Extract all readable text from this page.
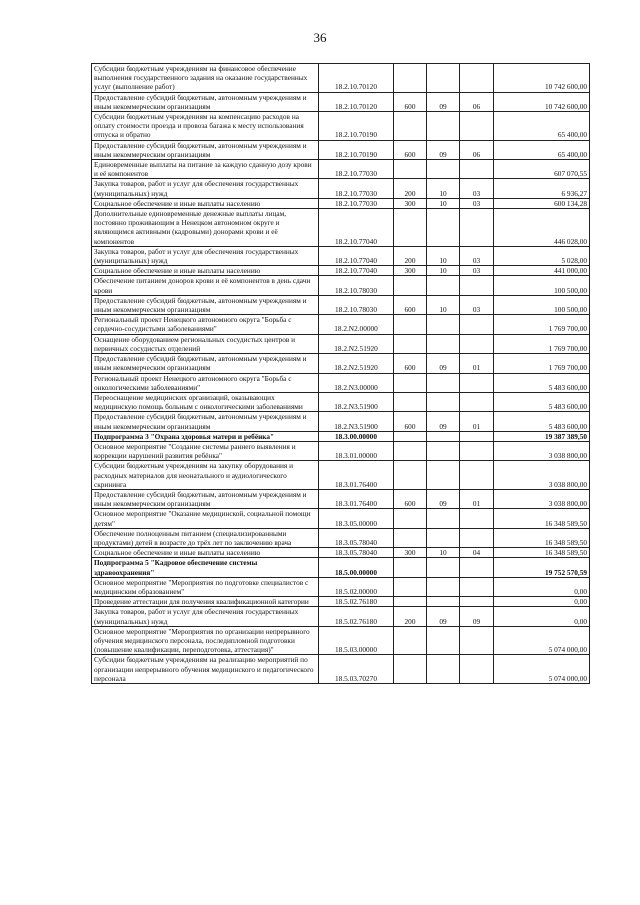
36
Субсидии бюджетным учреждениям на финансовое обеспечение выполнения государственного задания на оказание государственных услуг (выполнение работ)	18.2.10.70120				10 742 600,00
Предоставление субсидий бюджетным, автономным учреждениям и иным некоммерческим организациям	18.2.10.70120	600	09	06	10 742 600,00
Субсидии бюджетным учреждениям на компенсацию расходов на оплату стоимости проезда и провоза багажа к месту использования отпуска и обратно	18.2.10.70190				65 400,00
Предоставление субсидий бюджетным, автономным учреждениям и иным некоммерческим организациям	18.2.10.70190	600	09	06	65 400,00
Единовременные выплаты на питание за каждую сданную дозу крови и её компонентов	18.2.10.77030				607 070,55
Закупка товаров, работ и услуг для обеспечения государственных (муниципальных) нужд	18.2.10.77030	200	10	03	6 936,27
Социальное обеспечение и иные выплаты населению	18.2.10.77030	300	10	03	600 134,28
Дополнительные единовременные денежные выплаты лицам, постоянно проживающим в Ненецком автономном округе и являющимся активными (кадровыми) донорами крови и её компонентов	18.2.10.77040				446 028,00
Закупка товаров, работ и услуг для обеспечения государственных (муниципальных) нужд	18.2.10.77040	200	10	03	5 028,00
Социальное обеспечение и иные выплаты населению	18.2.10.77040	300	10	03	441 000,00
Обеспечение питанием доноров крови и её компонентов в день сдачи крови	18.2.10.78030				100 500,00
Предоставление субсидий бюджетным, автономным учреждениям и иным некоммерческим организациям	18.2.10.78030	600	10	03	100 500,00
Региональный проект Ненецкого автономного округа "Борьба с сердечно-сосудистыми заболеваниями"	18.2.N2.00000				1 769 700,00
Оснащение оборудованием региональных сосудистых центров и первичных сосудистых отделений	18.2.N2.51920				1 769 700,00
Предоставление субсидий бюджетным, автономным учреждениям и иным некоммерческим организациям	18.2.N2.51920	600	09	01	1 769 700,00
Региональный проект Ненецкого автономного округа "Борьба с онкологическими заболеваниями"	18.2.N3.00000				5 483 600,00
Переоснащение медицинских организаций, оказывающих медицинскую помощь больным с онкологическими заболеваниями	18.2.N3.51900				5 483 600,00
Предоставление субсидий бюджетным, автономным учреждениям и иным некоммерческим организациям	18.2.N3.51900	600	09	01	5 483 600,00
Подпрограмма 3 "Охрана здоровья матери и ребёнка"	18.3.00.00000				19 387 389,50
Основное мероприятие "Создание системы раннего выявления и коррекции нарушений развития ребёнка"	18.3.01.00000				3 038 800,00
Субсидии бюджетным учреждениям на закупку оборудования и расходных материалов для неонатального и аудиологического скрининга	18.3.01.76400				3 038 800,00
Предоставление субсидий бюджетным, автономным учреждениям и иным некоммерческим организациям	18.3.01.76400	600	09	01	3 038 800,00
Основное мероприятие "Оказание медицинской, социальной помощи детям"	18.3.05.00000				16 348 589,50
Обеспечение полноценным питанием (специализированными продуктами) детей в возрасте до трёх лет по заключению врача	18.3.05.78040				16 348 589,50
Социальное обеспечение и иные выплаты населению	18.3.05.78040	300	10	04	16 348 589,50
Подпрограмма 5 "Кадровое обеспечение системы здравоохранения"	18.5.00.00000				19 752 570,59
Основное мероприятие "Мероприятия по подготовке специалистов с медицинским образованием"	18.5.02.00000				0,00
Проведение аттестации для получения квалификационной категории	18.5.02.76180				0,00
Закупка товаров, работ и услуг для обеспечения государственных (муниципальных) нужд	18.5.02.76180	200	09	09	0,00
Основное мероприятие "Мероприятия по организации непрерывного обучения медицинского персонала, последипломной подготовки (повышение квалификации, переподготовка, аттестация)"	18.5.03.00000				5 074 000,00
Субсидии бюджетным учреждениям на реализацию мероприятий по организации непрерывного обучения медицинского и педагогического персонала	18.5.03.70270				5 074 000,00
